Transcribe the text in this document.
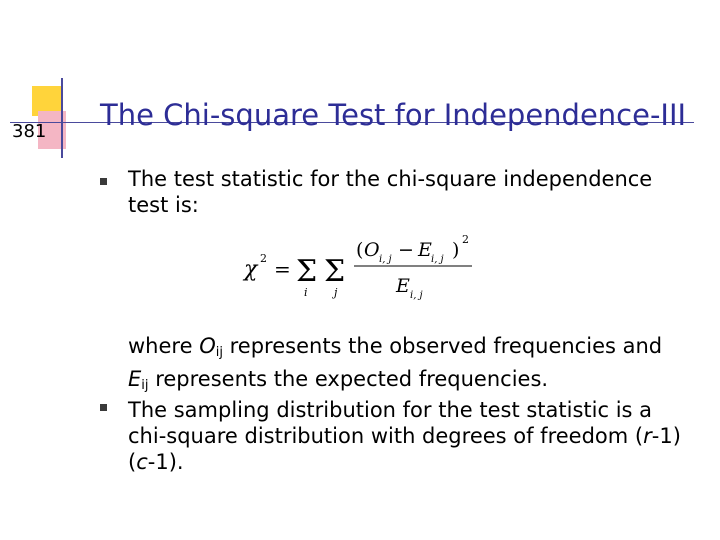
381 The Chi-square Test for Independence-III
The test statistic for the chi-square independence test is:
χ 2 = Σ
i
Σ
j
( O i, j − E i, j ) 2
E i, j
where $O_{ij}$ represents the observed frequencies and $E_{ij}$ represents the expected frequencies.
The sampling distribution for the test statistic is a chi-square distribution with degrees of freedom (r-1)(c-1).
